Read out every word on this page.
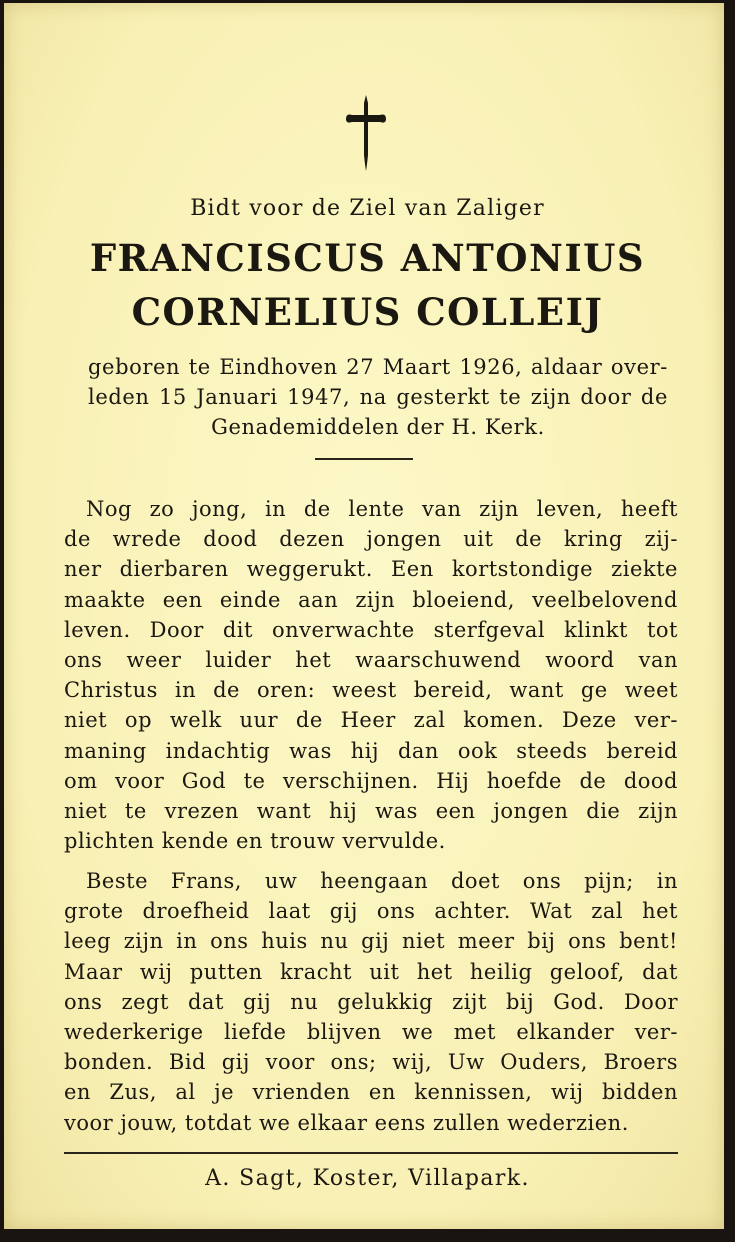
Bidt voor de Ziel van Zaliger
FRANCISCUS ANTONIUS
CORNELIUS COLLEIJ
geboren te Eindhoven 27 Maart 1926, aldaar over-
leden 15 Januari 1947, na gesterkt te zijn door de
Genademiddelen der H. Kerk.
Nog zo jong, in de lente van zijn leven, heeft
de wrede dood dezen jongen uit de kring zij-
ner dierbaren weggerukt. Een kortstondige ziekte
maakte een einde aan zijn bloeiend, veelbelovend
leven. Door dit onverwachte sterfgeval klinkt tot
ons weer luider het waarschuwend woord van
Christus in de oren: weest bereid, want ge weet
niet op welk uur de Heer zal komen. Deze ver-
maning indachtig was hij dan ook steeds bereid
om voor God te verschijnen. Hij hoefde de dood
niet te vrezen want hij was een jongen die zijn
plichten kende en trouw vervulde.
Beste Frans, uw heengaan doet ons pijn; in
grote droefheid laat gij ons achter. Wat zal het
leeg zijn in ons huis nu gij niet meer bij ons bent!
Maar wij putten kracht uit het heilig geloof, dat
ons zegt dat gij nu gelukkig zijt bij God. Door
wederkerige liefde blijven we met elkander ver-
bonden. Bid gij voor ons; wij, Uw Ouders, Broers
en Zus, al je vrienden en kennissen, wij bidden
voor jouw, totdat we elkaar eens zullen wederzien.
A. Sagt, Koster, Villapark.
